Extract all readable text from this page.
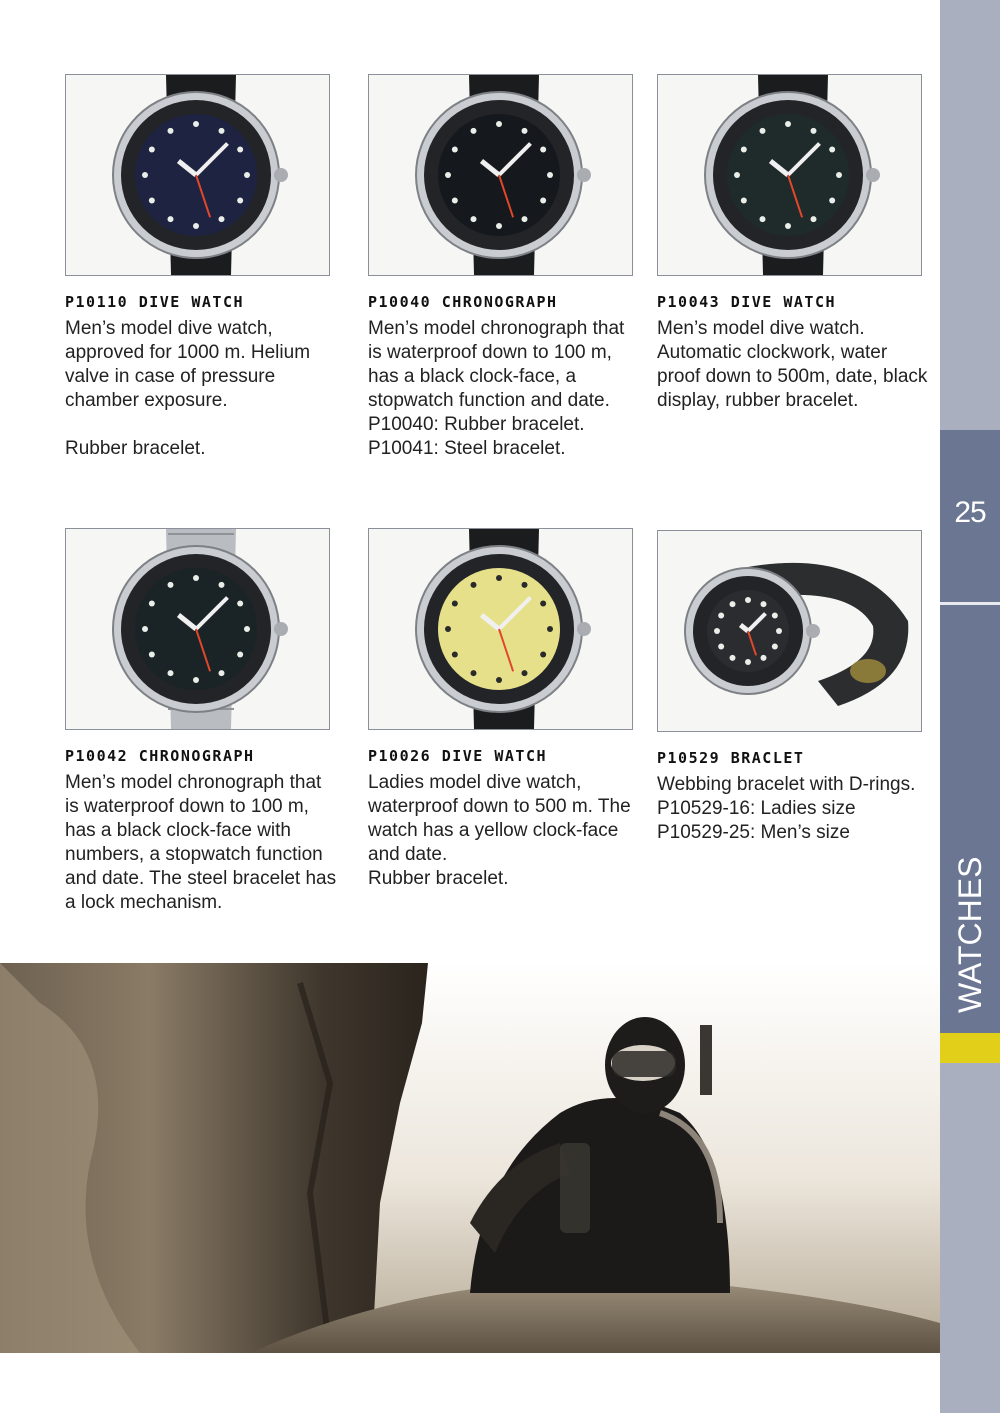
25
WATCHES
P10110 DIVE WATCH

Men’s model dive watch, approved for 1000 m. Helium valve in case of pressure chamber exposure.

Rubber bracelet.

P10040 CHRONOGRAPH

Men’s model chronograph that is waterproof down to 100 m, has a black clock-face, a stopwatch function and date.

P10040: Rubber bracelet.

P10041: Steel bracelet.

P10043 DIVE WATCH

Men’s model dive watch. Automatic clockwork, water proof down to 500m, date, black display, rubber bracelet.

P10042 CHRONOGRAPH

Men’s model chronograph that is waterproof down to 100 m, has a black clock-face with numbers, a stopwatch function and date. The steel bracelet has a lock mechanism.

P10026 DIVE WATCH

Ladies model dive watch, waterproof down to 500 m. The watch has a yellow clock-face and date.

Rubber bracelet.

P10529 BRACLET

Webbing bracelet with D-rings.

P10529-16: Ladies size

P10529-25: Men’s size
